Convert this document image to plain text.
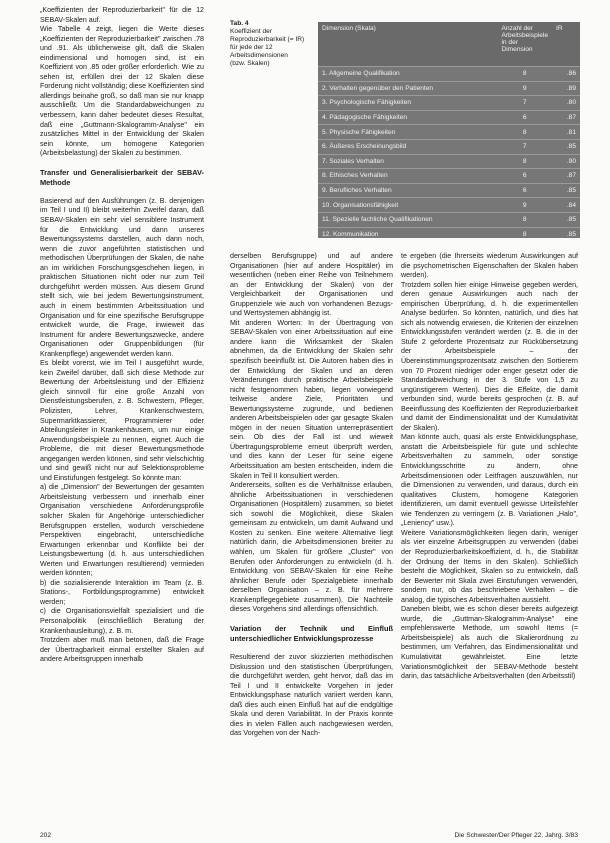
„Koeffizienten der Reproduzierbarkeit" für die 12 SEBAV-Skalen auf.

Wie Tabelle 4 zeigt, liegen die Werte dieses „Koeffizienten der Reproduzierbarkeit" zwischen .78 und .91. Als üblicherweise gilt, daß die Skalen eindimensional und homogen sind, ist ein Koeffizient von .85 oder größer erforderlich. Wie zu sehen ist, erfüllen drei der 12 Skalen diese Forderung nicht vollständig; diese Koeffizienten sind allerdings beinahe groß, so daß man sie nur knapp ausschließt. Um die Standardabweichungen zu verbessern, kann daher bedeutet dieses Resultat, daß eine „Guttmann-Skalogramm-Analyse" ein zusätzliches Mittel in der Entwicklung der Skalen sein könnte, um homogene Kategorien (Arbeitsbelastung) der Skalen zu bestimmen.

Transfer und Generalisierbarkeit der SEBAV-Methode

Basierend auf den Ausführungen (z. B. denjenigen im Teil I und II) bleibt weiterhin Zweifel daran, daß SEBAV-Skalen ein sehr viel sensiblere Instrument für die Entwicklung und dann unseres Bewertungssystems darstellen, auch dann noch, wenn die zuvor angeführten statistischen und methodischen Überprüfungen der Skalen, die nahe an im wirklichen Forschungsgeschehen liegen, in praktischen Situationen nicht oder nur zum Teil durchgeführt werden müssen. Aus diesem Grund stellt sich, wie bei jedem Bewertungsinstrument, auch in einem bestimmten Arbeitssituation und Organisation und für eine spezifische Berufsgruppe entwickelt wurde, die Frage, inwieweit das Instrument für andere Bewertungszwecke, andere Organisationen oder Gruppenbildungen (für Krankenpflege) angewendet werden kann.

Es bleibt vorerst, wie im Teil I ausgeführt wurde, kein Zweifel darüber, daß sich diese Methode zur Bewertung der Arbeitsleistung und der Effizienz gleich sinnvoll für eine große Anzahl von Dienstleistungsberufen, z. B. Schwestern, Pfleger, Polizisten, Lehrer, Krankenschwestern, Supermarktkassierer, Programmierer oder Abteilungsleiter in Krankenhäusern, um nur einige Anwendungsbeispiele zu nennen, eignet. Auch die Probleme, die mit dieser Bewertungsmethode angegangen werden können, sind sehr vielschichtig und sind gewiß nicht nur auf Selektionsprobleme und Einstufungen festgelegt. So könnte man:

a) die „Dimension" der Bewertungen der gesamten Arbeitsleistung verbessern und innerhalb einer Organisation verschiedene Anforderungsprofile solcher Skalen für Angehörige unterschiedlicher Berufsgruppen erstellen, wodurch verschiedene Perspektiven eingebracht, unterschiedliche Erwartungen erkennbar und Konflikte bei der Leistungsbewertung (d. h. aus unterschiedlichen Werten und Erwartungen resultierend) vermieden werden könnten;

b) die sozialisierende Interaktion im Team (z. B. Stations-, Fortbildungsprogramme) entwickelt werden;

c) die Organisationsvielfalt spezialisiert und die Personalpolitik (einschließlich Beratung der Krankenhausleitung), z. B. m.

Trotzdem aber muß man betonen, daß die Frage der Übertragbarkeit einmal erstellter Skalen auf andere Arbeitsgruppen innerhalb

Tab. 4
Koeffizient der Reproduzierbarkeit (= IR) für jede der 12 Arbeitsdimensionen (bzw. Skalen)
Dimension (Skala)	Anzahl der Arbeitsbeispiele in der Dimension	IR
1. Allgemeine Qualifikation	8	.86
2. Verhalten gegenüber den Patienten	9	.89
3. Psychologische Fähigkeiten	7	.80
4. Pädagogische Fähigkeiten	6	.87
5. Physische Fähigkeiten	8	.81
6. Äußeres Erscheinungsbild	7	.85
7. Soziales Verhalten	8	.90
8. Ethisches Verhalten	6	.87
9. Berufliches Verhalten	6	.85
10. Organisationsfähigkeit	9	.84
11. Spezielle fachliche Qualifikationen	8	.85
12. Kommunikation	8	.85

derselben Berufsgruppe) und auf andere Organisationen (hier auf andere Hospitäler) im wesentlichen (neben einer Reihe von Teilnehmern an der Entwicklung der Skalen) von der Vergleichbarkeit der Organisationen und Gruppenziele wie auch von vorhandenen Bezugs- und Wertsystemen abhängig ist.

Mit anderen Worten: In der Übertragung von SEBAV-Skalen von einer Arbeitssituation auf eine andere kann die Wirksamkeit der Skalen abnehmen, da die Entwicklung der Skalen sehr spezifisch beeinflußt ist. Die Autoren haben dies in der Entwicklung der Skalen und an deren Veränderungen durch praktische Arbeitsbeispiele nicht festgenommen haben, liegen vorwiegend teilweise andere Ziele, Prioritäten und Bewertungssysteme zugrunde, und bedienen anderen Arbeitsbeispielen oder gar gesagte Skalen mögen in der neuen Situation unterrepräsentiert sein. Ob dies der Fall ist und wieweit Übertragungsprobleme erneut überprüft werden, und dies kann der Leser für seine eigene Arbeitssituation am besten entscheiden, indem die Skalen in Teil II konsultiert werden.

Andererseits, sollten es die Verhältnisse erlauben, ähnliche Arbeitssituationen in verschiedenen Organisationen (Hospitälern) zusammen, so bietet sich sowohl die Möglichkeit, diese Skalen gemeinsam zu entwickeln, um damit Aufwand und Kosten zu senken. Eine weitere Alternative liegt natürlich darin, die Arbeitsdimensionen breiter zu wählen, um Skalen für größere „Cluster" von Berufen oder Anforderungen zu entwickeln (d. h. Entwicklung von SEBAV-Skalen für eine Reihe ähnlicher Berufe oder Spezialgebiete innerhalb derselben Organisation – z. B. für mehrere Krankenpflegegebiete zusammen). Die Nachteile dieses Vorgehens sind allerdings offensichtlich.

Variation der Technik und Einfluß unterschiedlicher Entwicklungsprozesse

Resultierend der zuvor skizzierten methodischen Diskussion und den statistischen Überprüfungen, die durchgeführt werden, geht hervor, daß das im Teil I und II entwickelte Vorgehen in jeder Entwicklungsphase naturlich variiert werden kann, daß dies auch einen Einfluß hat auf die endgültige Skala und deren Variabilität. In der Praxis konnte dies in vielen Fällen auch nachgewiesen werden, das Vorgehen von der Nach-

te ergeben (die Ihrerseits wiederum Auswirkungen auf die psychometrischen Eigenschaften der Skalen haben werden).

Trotzdem sollen hier einige Hinweise gegeben werden, deren genaue Auswirkungen auch nach der empirischen Überprüfung, d. h. die experimentellen Analyse bedürfen. So könnten, natürlich, und dies hat sich als notwendig erwiesen, die Kriterien der einzelnen Entwicklungsstufen verändert werden (z. B. die in der Stufe 2 geforderte Prozentsatz zur Rückübersetzung der Arbeitsbeispiele – der Übereinstimmungsprozentsatz zwischen den Sortierern von 70 Prozent niedriger oder enger gesetzt oder die Standardabweichung in der 3. Stufe von 1,5 zu ungünstigerem Werten). Dies die Effekte, die damit verbunden sind, wurde bereits gesprochen (z. B. auf Beeinflussung des Koeffizienten der Reproduzierbarkeit und damit der Eindimensionalität und der Kumulativität der Skalen).

Man könnte auch, quasi als erste Entwicklungsphase, anstatt die Arbeitsbeispiele für gute und schlechte Arbeitsverhalten zu sammeln, oder sonstige Entwicklungsschritte zu ändern, ohne Arbeitsdimensionen oder Leitfragen auszuwählen, nur die Dimensionen zu verwenden, und daraus, durch ein qualitatives Clustern, homogene Kategorien identifizieren, um damit eventuell gewisse Urteilsfehler wie Tendenzen zu verringern (z. B. Variationen „Halo", „Leniency" usw.).

Weitere Variationsmöglichkeiten liegen darin, weniger als vier einzelne Arbeitsgruppen zu verwenden (dabei der Reproduzierbarkeitskoeffizient, d. h., die Stabilität der Ordnung der Items in den Skalen). Schließlich besteht die Möglichkeit, Skalen so zu entwickeln, daß der Bewerter mit Skala zwei Einstufungen verwenden, sondern nur, ob das beschriebene Verhalten – die analog, die typisches Arbeitsverhalten aussieht.

Daneben bleibt, wie es schon dieser bereits aufgezeigt wurde, die „Guttman-Skalogramm-Analyse" eine empfehlenswerte Methode, um sowohl Items (= Arbeitsbeispiele) als auch die Skalierordnung zu bestimmen, um Verfahren, das Eindimensionalität und Kumulativität gewährleistet. Eine letzte Variationsmöglichkeit der SEBAV-Methode besteht darin, das tatsächliche Arbeitsverhalten (den Arbeitsstil)

202	Die Schwester/Der Pfleger 22. Jahrg. 3/83
